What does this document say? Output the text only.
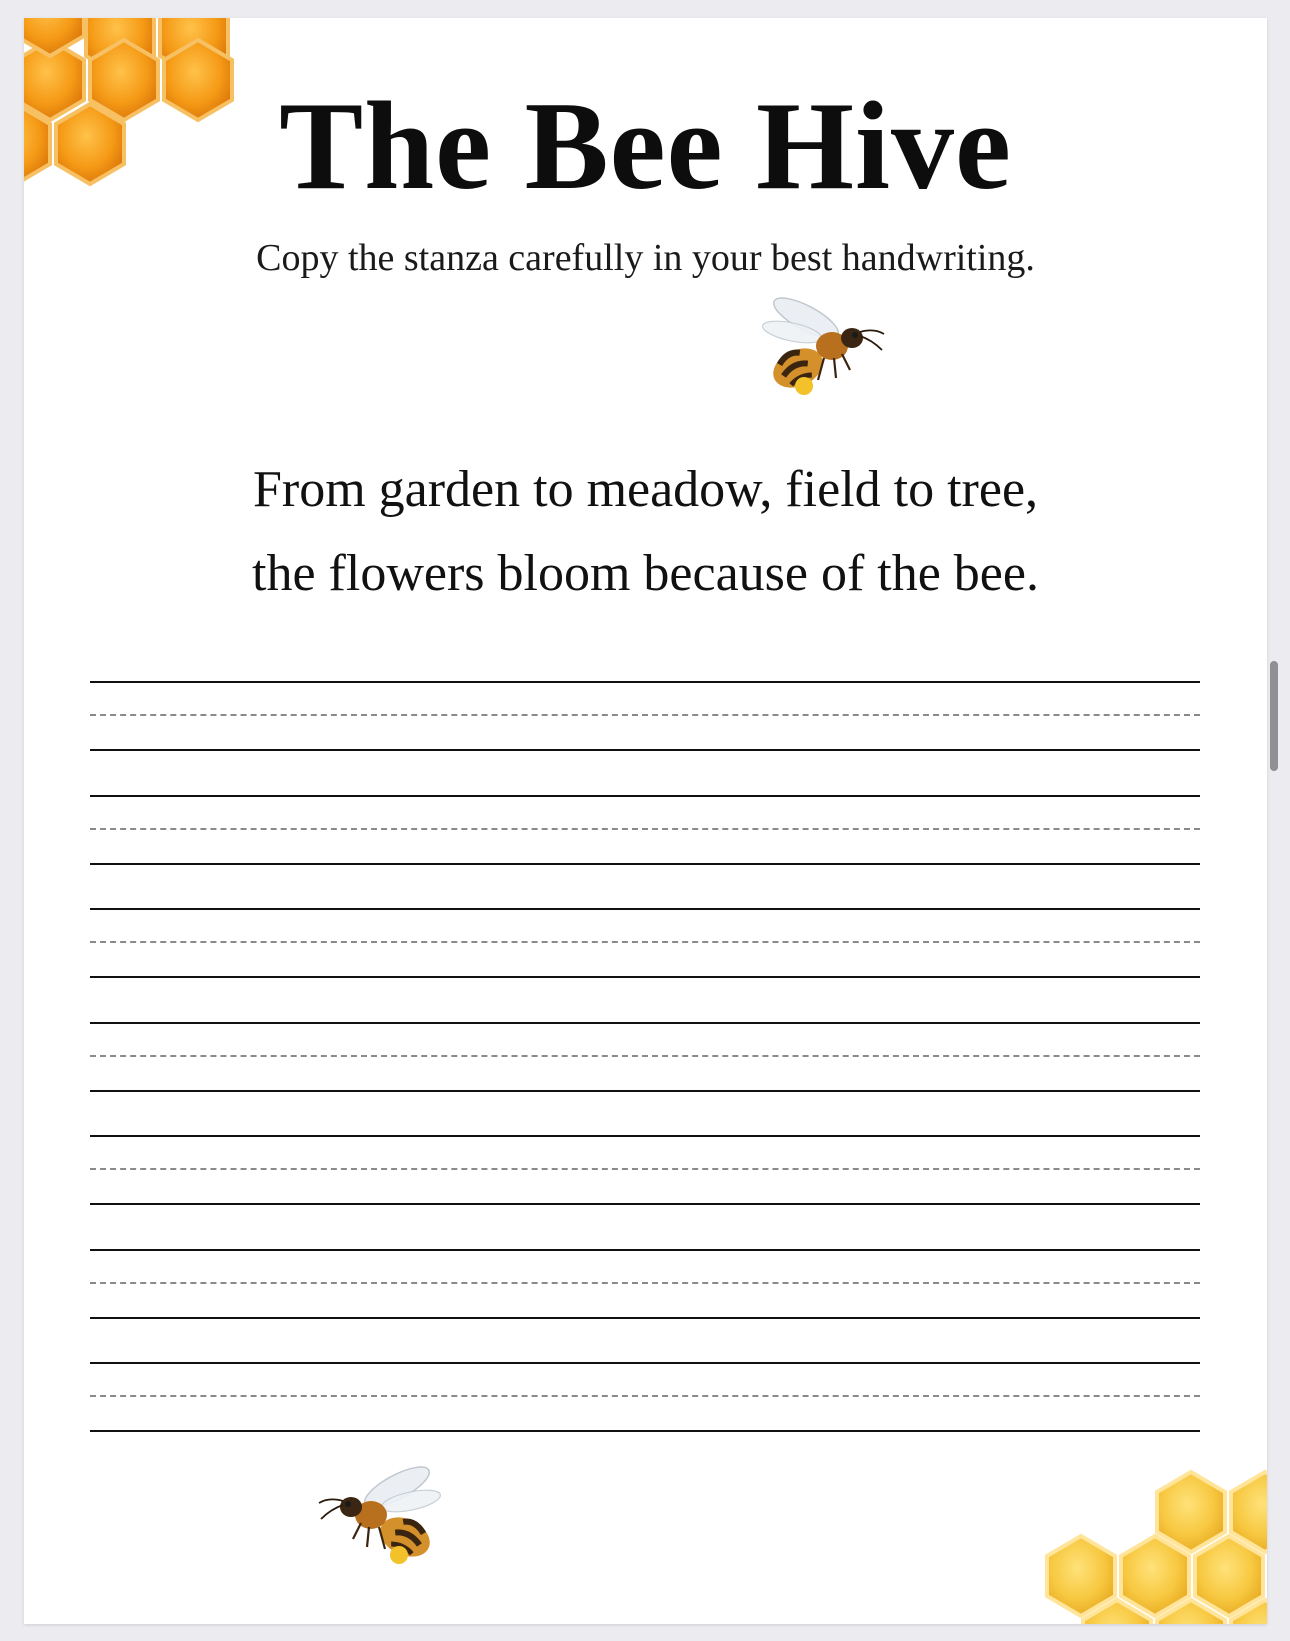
The Bee Hive
Copy the stanza carefully in your best handwriting.
From garden to meadow, field to tree,
the flowers bloom because of the bee.
